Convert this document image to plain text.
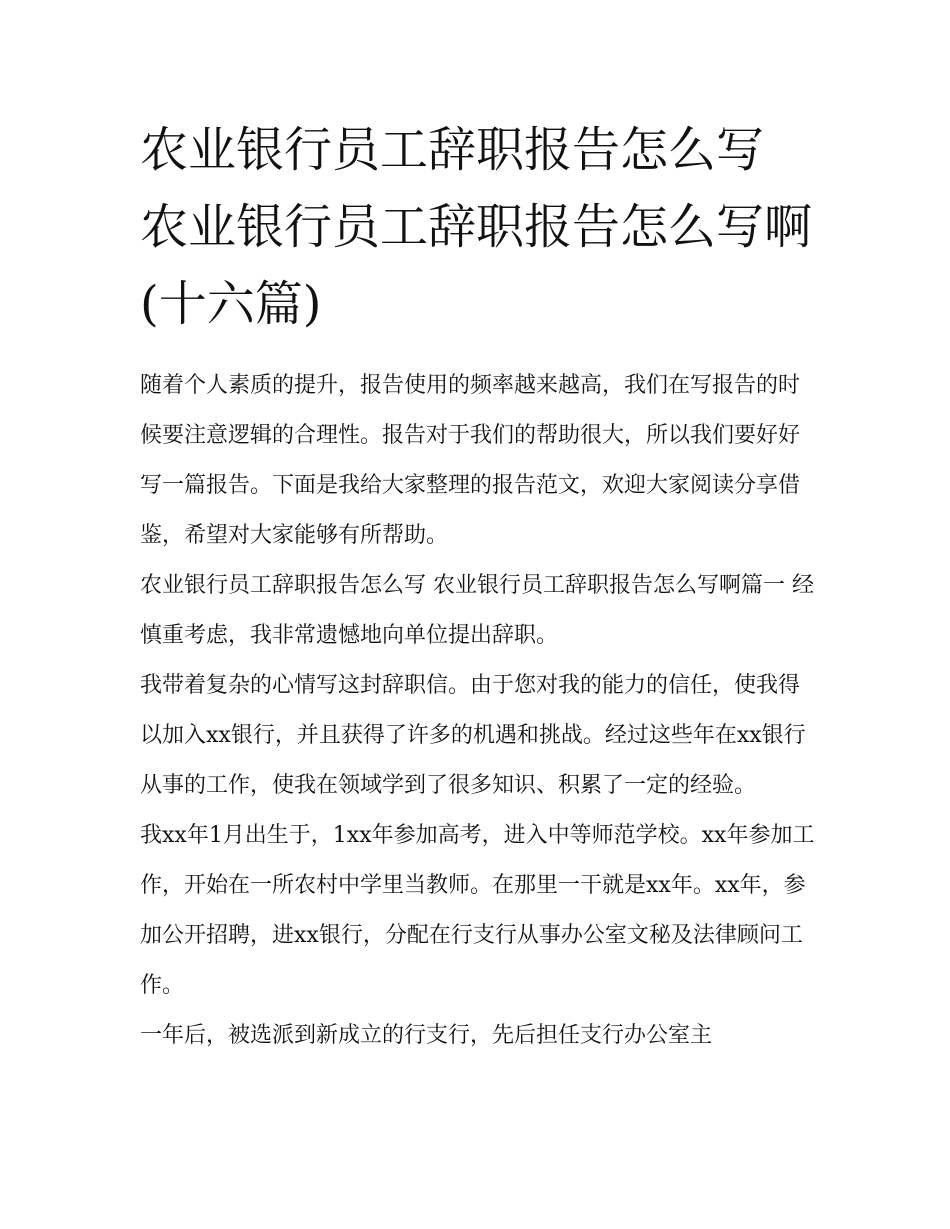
农业银行员工辞职报告怎么写 农业银行员工辞职报告怎么写啊(十六篇)

随着个人素质的提升，报告使用的频率越来越高，我们在写报告的时候要注意逻辑的合理性。报告对于我们的帮助很大，所以我们要好好写一篇报告。下面是我给大家整理的报告范文，欢迎大家阅读分享借鉴，希望对大家能够有所帮助。

农业银行员工辞职报告怎么写 农业银行员工辞职报告怎么写啊篇一 经慎重考虑，我非常遗憾地向单位提出辞职。

我带着复杂的心情写这封辞职信。由于您对我的能力的信任，使我得以加入xx银行，并且获得了许多的机遇和挑战。经过这些年在xx银行从事的工作，使我在领域学到了很多知识、积累了一定的经验。

我xx年1月出生于，1xx年参加高考，进入中等师范学校。xx年参加工作，开始在一所农村中学里当教师。在那里一干就是xx年。xx年，参加公开招聘，进xx银行，分配在行支行从事办公室文秘及法律顾问工作。

一年后，被选派到新成立的行支行，先后担任支行办公室主
